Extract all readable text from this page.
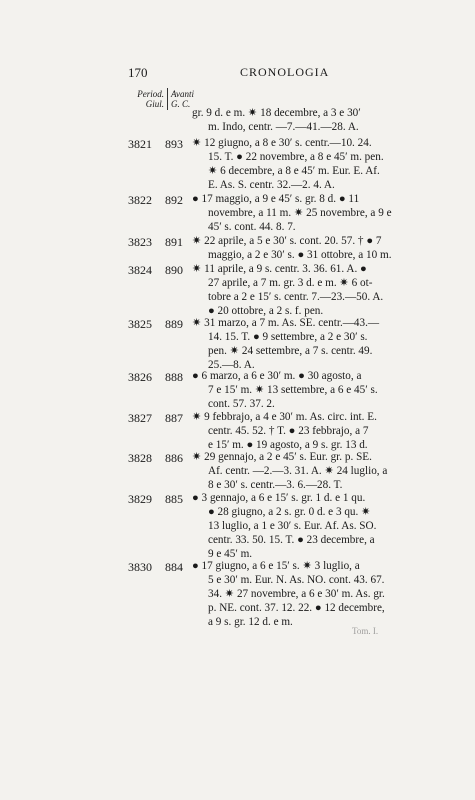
170	CRONOLOGIA
Period.
Giul.
Avanti
G. C.
gr. 9 d. e m. ✷ 18 decembre, a 3 e 30′
m. Indo, centr. —7.—41.—28. A.
3821 893 ✷ 12 giugno, a 8 e 30′ s. centr.—10. 24.
15. T. ● 22 novembre, a 8 e 45′ m. pen.
✷ 6 decembre, a 8 e 45′ m. Eur. E. Af.
E. As. S. centr. 32.—2. 4. A.
3822 892 ● 17 maggio, a 9 e 45′ s. gr. 8 d. ● 11
novembre, a 11 m. ✷ 25 novembre, a 9 e
45′ s. cont. 44. 8. 7.
3823 891 ✷ 22 aprile, a 5 e 30′ s. cont. 20. 57. † ● 7
maggio, a 2 e 30′ s. ● 31 ottobre, a 10 m.
3824 890 ✷ 11 aprile, a 9 s. centr. 3. 36. 61. A. ●
27 aprile, a 7 m. gr. 3 d. e m. ✷ 6 ot-
tobre a 2 e 15′ s. centr. 7.—23.—50. A.
● 20 ottobre, a 2 s. f. pen.
3825 889 ✷ 31 marzo, a 7 m. As. SE. centr.—43.—
14. 15. T. ● 9 settembre, a 2 e 30′ s.
pen. ✷ 24 settembre, a 7 s. centr. 49.
25.—8. A.
3826 888 ● 6 marzo, a 6 e 30′ m. ● 30 agosto, a
7 e 15′ m. ✷ 13 settembre, a 6 e 45′ s.
cont. 57. 37. 2.
3827 887 ✷ 9 febbrajo, a 4 e 30′ m. As. circ. int. E.
centr. 45. 52. † T. ● 23 febbrajo, a 7
e 15′ m. ● 19 agosto, a 9 s. gr. 13 d.
3828 886 ✷ 29 gennajo, a 2 e 45′ s. Eur. gr. p. SE.
Af. centr. —2.—3. 31. A. ✷ 24 luglio, a
8 e 30′ s. centr.—3. 6.—28. T.
3829 885 ● 3 gennajo, a 6 e 15′ s. gr. 1 d. e 1 qu.
● 28 giugno, a 2 s. gr. 0 d. e 3 qu. ✷
13 luglio, a 1 e 30′ s. Eur. Af. As. SO.
centr. 33. 50. 15. T. ● 23 decembre, a
9 e 45′ m.
3830 884 ● 17 giugno, a 6 e 15′ s. ✷ 3 luglio, a
5 e 30′ m. Eur. N. As. NO. cont. 43. 67.
34. ✷ 27 novembre, a 6 e 30′ m. As. gr.
p. NE. cont. 37. 12. 22. ● 12 decembre,
a 9 s. gr. 12 d. e m.
Tom. I.
